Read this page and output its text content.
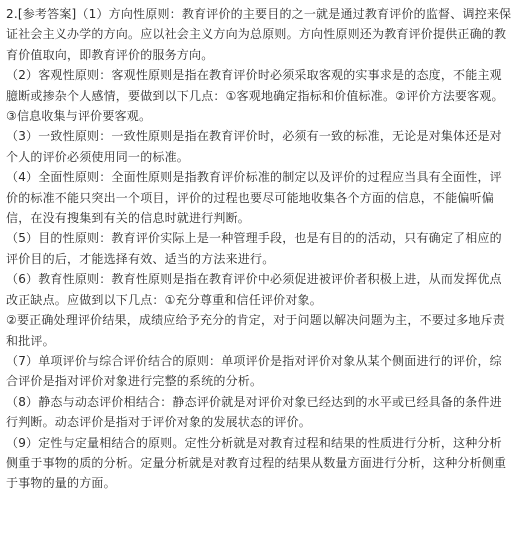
2.[参考答案]（1）方向性原则：教育评价的主要目的之一就是通过教育评价的监督、调控来保证社会主义办学的方向。应以社会主义方向为总原则。方向性原则还为教育评价提供正确的教育价值取向，即教育评价的服务方向。

（2）客观性原则：客观性原则是指在教育评价时必须采取客观的实事求是的态度，不能主观臆断或掺杂个人感情，要做到以下几点：①客观地确定指标和价值标准。②评价方法要客观。③信息收集与评价要客观。

（3）一致性原则：一致性原则是指在教育评价时，必须有一致的标准，无论是对集体还是对个人的评价必须使用同一的标准。

（4）全面性原则：全面性原则是指教育评价标准的制定以及评价的过程应当具有全面性，评价的标准不能只突出一个项目，评价的过程也要尽可能地收集各个方面的信息，不能偏听偏信，在没有搜集到有关的信息时就进行判断。

（5）目的性原则：教育评价实际上是一种管理手段，也是有目的的活动，只有确定了相应的评价目的后，才能选择有效、适当的方法来进行。

（6）教育性原则：教育性原则是指在教育评价中必须促进被评价者积极上进，从而发挥优点改正缺点。应做到以下几点：①充分尊重和信任评价对象。

②要正确处理评价结果，成绩应给予充分的肯定，对于问题以解决问题为主，不要过多地斥责和批评。

（7）单项评价与综合评价结合的原则：单项评价是指对评价对象从某个侧面进行的评价，综合评价是指对评价对象进行完整的系统的分析。

（8）静态与动态评价相结合：静态评价就是对评价对象已经达到的水平或已经具备的条件进行判断。动态评价是指对于评价对象的发展状态的评价。

（9）定性与定量相结合的原则。定性分析就是对教育过程和结果的性质进行分析，这种分析侧重于事物的质的分析。定量分析就是对教育过程的结果从数量方面进行分析，这种分析侧重于事物的量的方面。
